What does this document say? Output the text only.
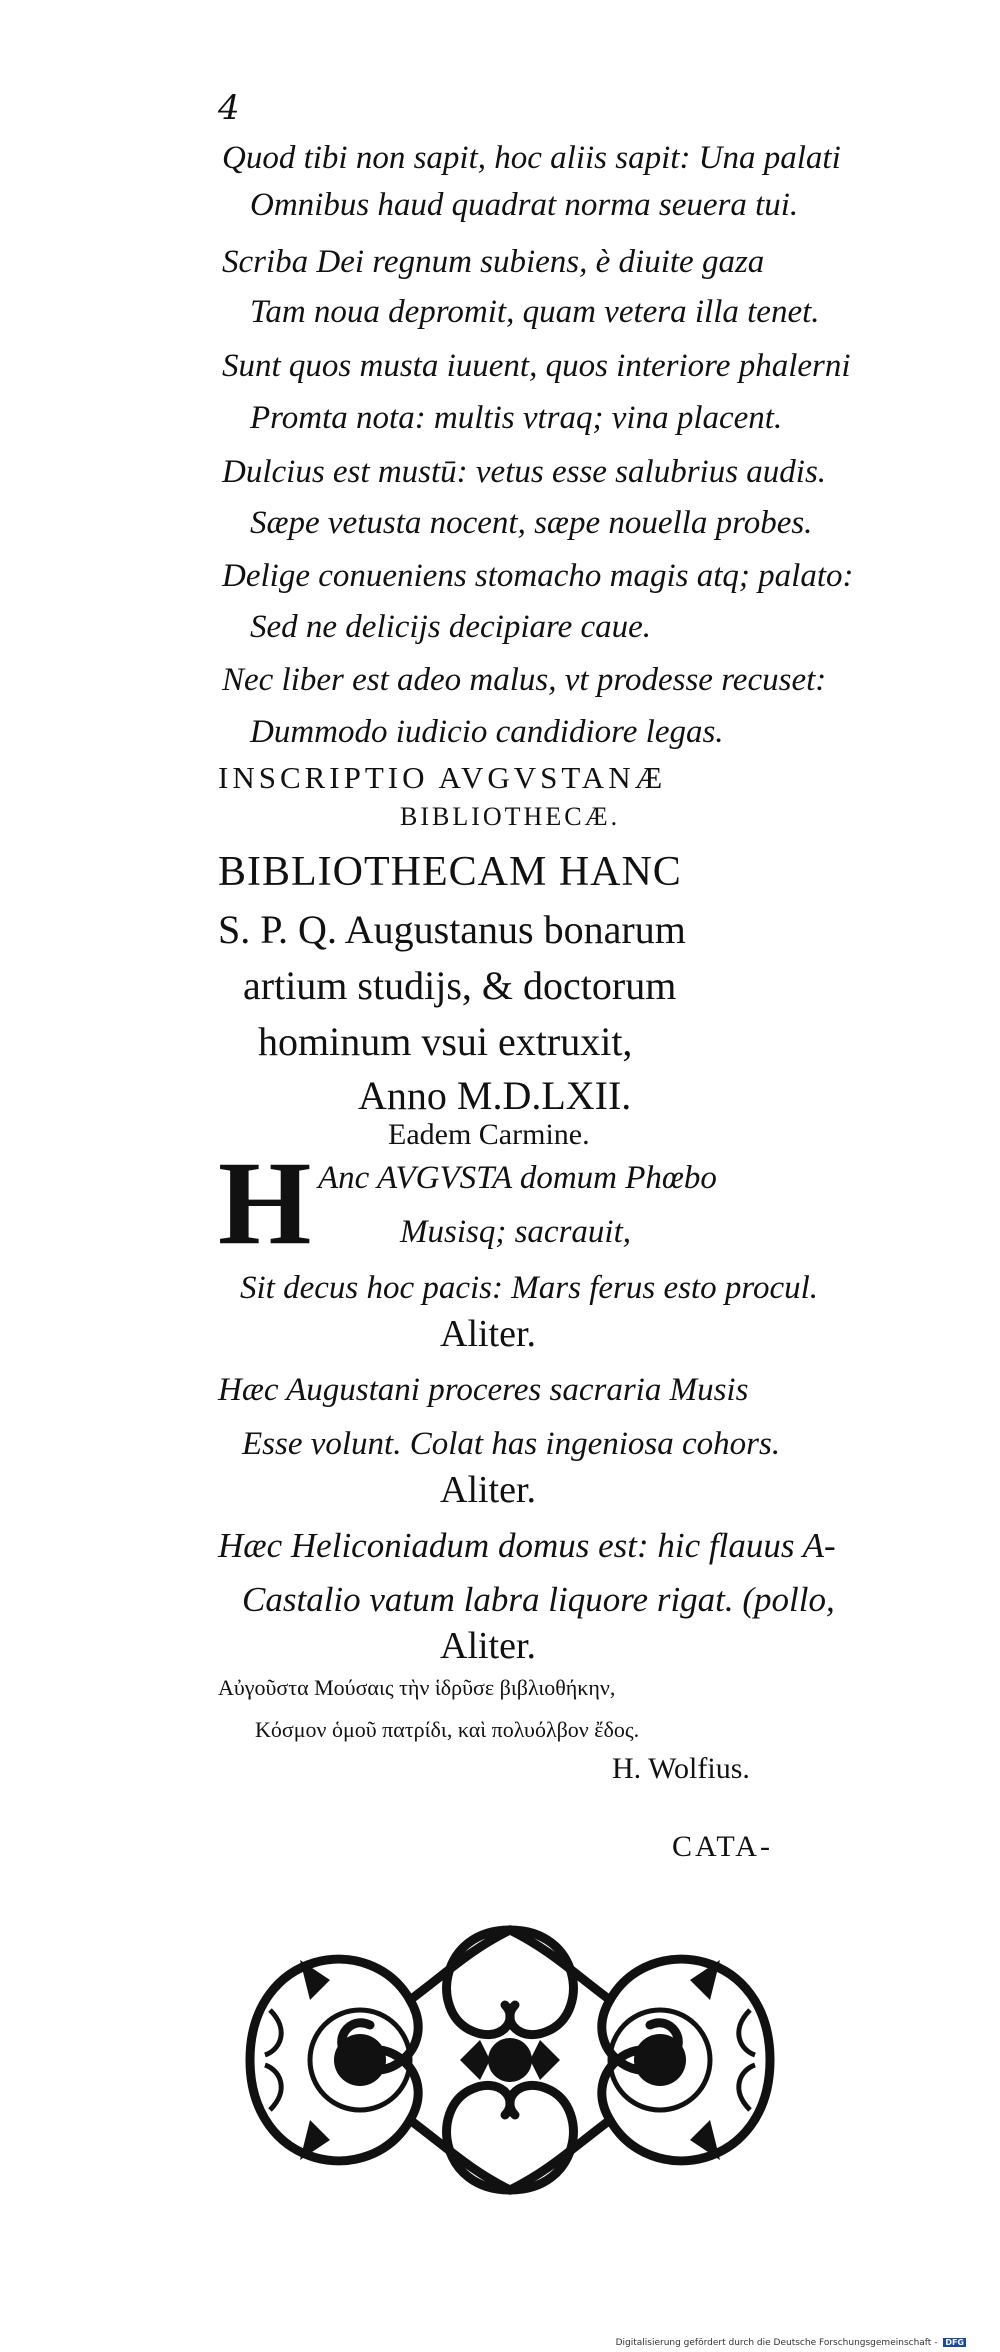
4
Quod tibi non sapit, hoc aliis sapit: Una palati
Omnibus haud quadrat norma seuera tui.
Scriba Dei regnum subiens, è diuite gaza
Tam noua depromit, quam vetera illa tenet.
Sunt quos musta iuuent, quos interiore phalerni
Promta nota: multis vtraq; vina placent.
Dulcius est mustū: vetus esse salubrius audis.
Sæpe vetusta nocent, sæpe nouella probes.
Delige conueniens stomacho magis atq; palato:
Sed ne delicijs decipiare caue.
Nec liber est adeo malus, vt prodesse recuset:
Dummodo iudicio candidiore legas.
INSCRIPTIO AVGVSTANÆ
BIBLIOTHECÆ.
BIBLIOTHECAM HANC
S. P. Q. Augustanus bonarum
artium studijs, & doctorum
hominum vsui extruxit,
Anno M.D.LXII.
Eadem Carmine.
H Anc AVGVSTA domum Phœbo
Musisq; sacrauit,
Sit decus hoc pacis: Mars ferus esto procul.
Aliter.
Hæc Augustani proceres sacraria Musis
Esse volunt. Colat has ingeniosa cohors.
Aliter.
Hæc Heliconiadum domus est: hic flauus A-
Castalio vatum labra liquore rigat. (pollo,
Aliter.
Αὐγοῦστα Μούσαις τὴν ἱδρῦσε βιβλιοθήκην,
Κόσμον ὁμοῦ πατρίδι, καὶ πολυόλβον ἔδος.
H. Wolfius.
CATA-
Digitalisierung gefördert durch die Deutsche Forschungsgemeinschaft - DFG
